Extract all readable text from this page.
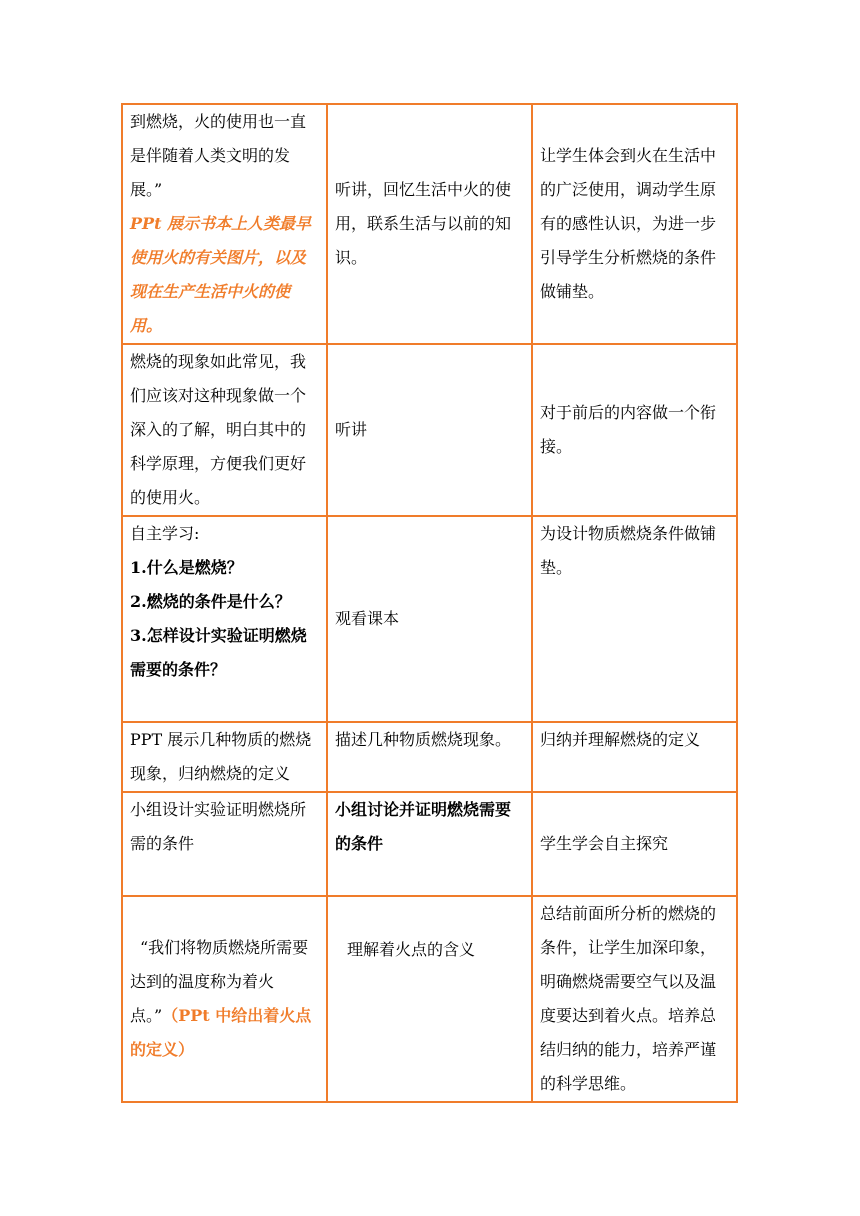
到燃烧，火的使用也一直是伴随着人类文明的发展。”
PPt 展示书本上人类最早使用火的有关图片，以及现在生产生活中火的使用。	听讲，回忆生活中火的使用，联系生活与以前的知识。	让学生体会到火在生活中的广泛使用，调动学生原有的感性认识，为进一步引导学生分析燃烧的条件做铺垫。
燃烧的现象如此常见，我们应该对这种现象做一个深入的了解，明白其中的科学原理，方便我们更好的使用火。	听讲	对于前后的内容做一个衔接。

自主学习:
1.什么是燃烧？
2.燃烧的条件是什么？
3.怎样设计实验证明燃烧需要的条件？	观看课本	为设计物质燃烧条件做铺垫。
PPT 展示几种物质的燃烧现象，归纳燃烧的定义	描述几种物质燃烧现象。	归纳并理解燃烧的定义
小组设计实验证明燃烧所需的条件	小组讨论并证明燃烧需要的条件	学生学会自主探究
“我们将物质燃烧所需要达到的温度称为着火点。”（PPt 中给出着火点的定义）	理解着火点的含义	总结前面所分析的燃烧的条件，让学生加深印象，明确燃烧需要空气以及温度要达到着火点。培养总结归纳的能力，培养严谨的科学思维。
